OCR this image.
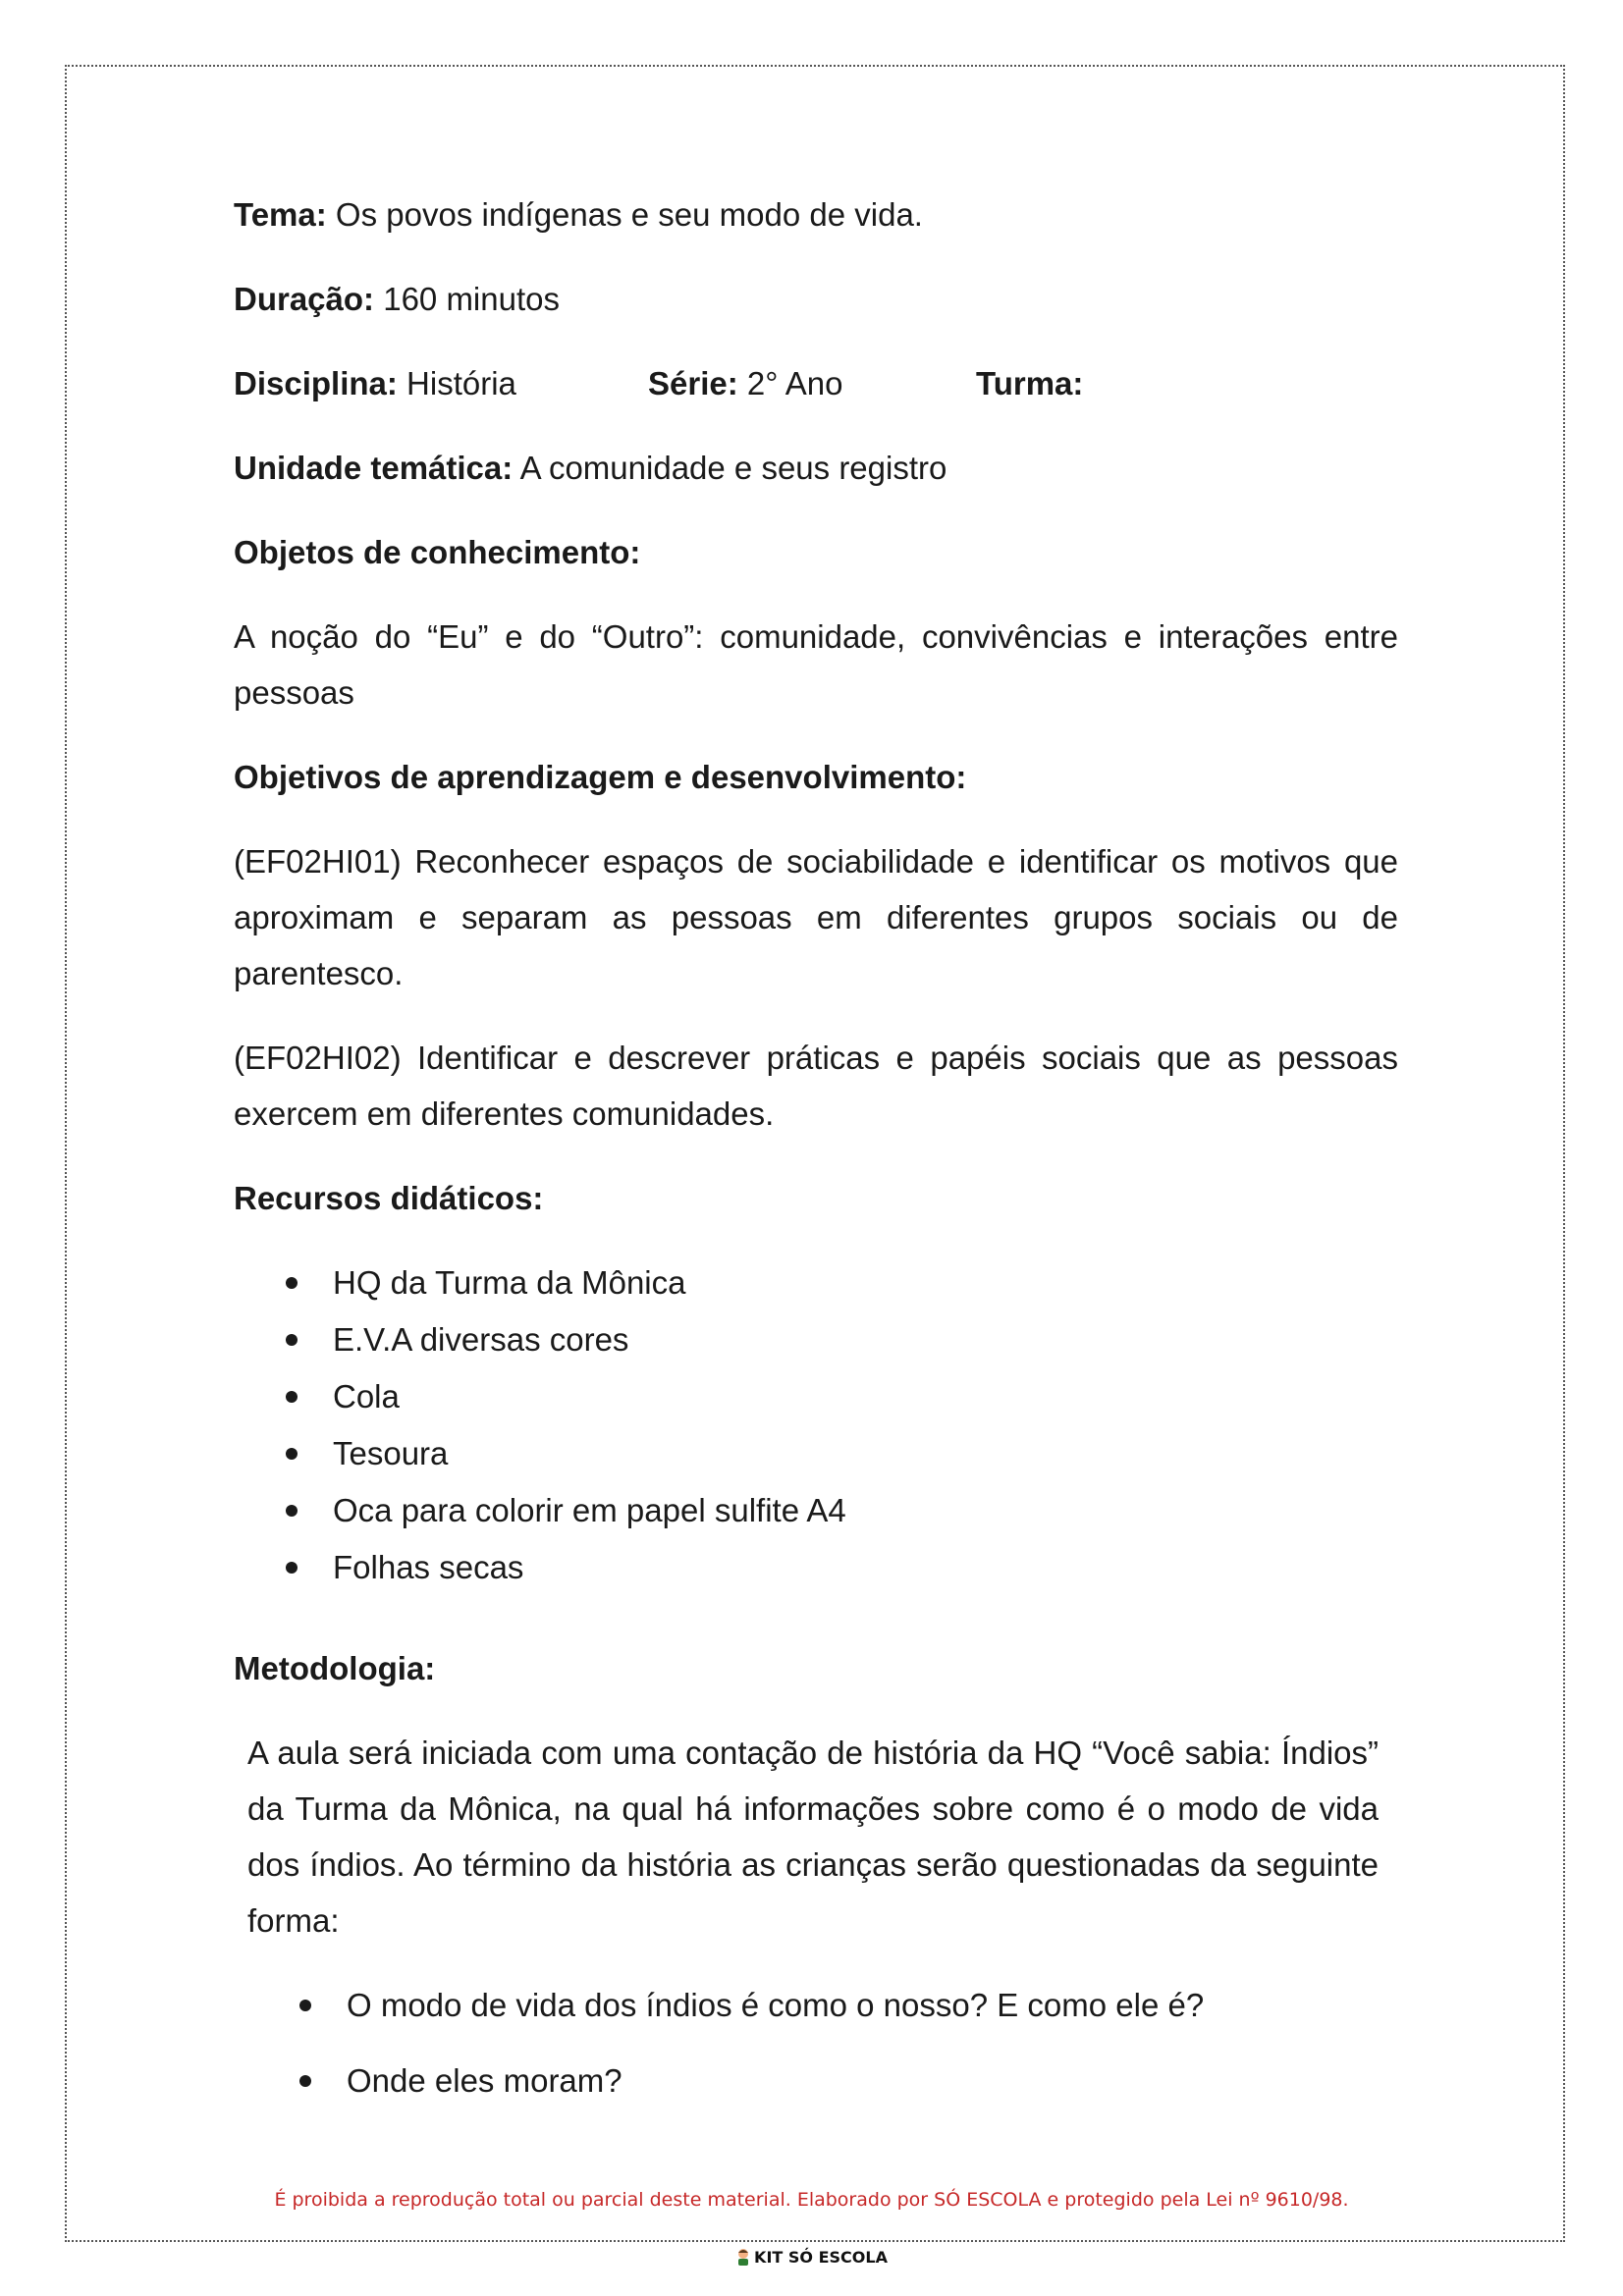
Tema: Os povos indígenas e seu modo de vida.
Duração: 160 minutos
Disciplina: História	Série: 2° Ano	Turma:
Unidade temática: A comunidade e seus registro
Objetos de conhecimento:
A noção do “Eu” e do “Outro”: comunidade, convivências e interações entre pessoas
Objetivos de aprendizagem e desenvolvimento:
(EF02HI01) Reconhecer espaços de sociabilidade e identificar os motivos que aproximam e separam as pessoas em diferentes grupos sociais ou de parentesco.
(EF02HI02) Identificar e descrever práticas e papéis sociais que as pessoas exercem em diferentes comunidades.
Recursos didáticos:
HQ da Turma da Mônica
E.V.A diversas cores
Cola
Tesoura
Oca para colorir em papel sulfite A4
Folhas secas
Metodologia:
A aula será iniciada com uma contação de história da HQ “Você sabia: Índios” da Turma da Mônica, na qual há informações sobre como é o modo de vida dos índios. Ao término da história as crianças serão questionadas da seguinte forma:
O modo de vida dos índios é como o nosso? E como ele é?
Onde eles moram?
É proibida a reprodução total ou parcial deste material. Elaborado por SÓ ESCOLA e protegido pela Lei nº 9610/98.
KIT SÓ ESCOLA
